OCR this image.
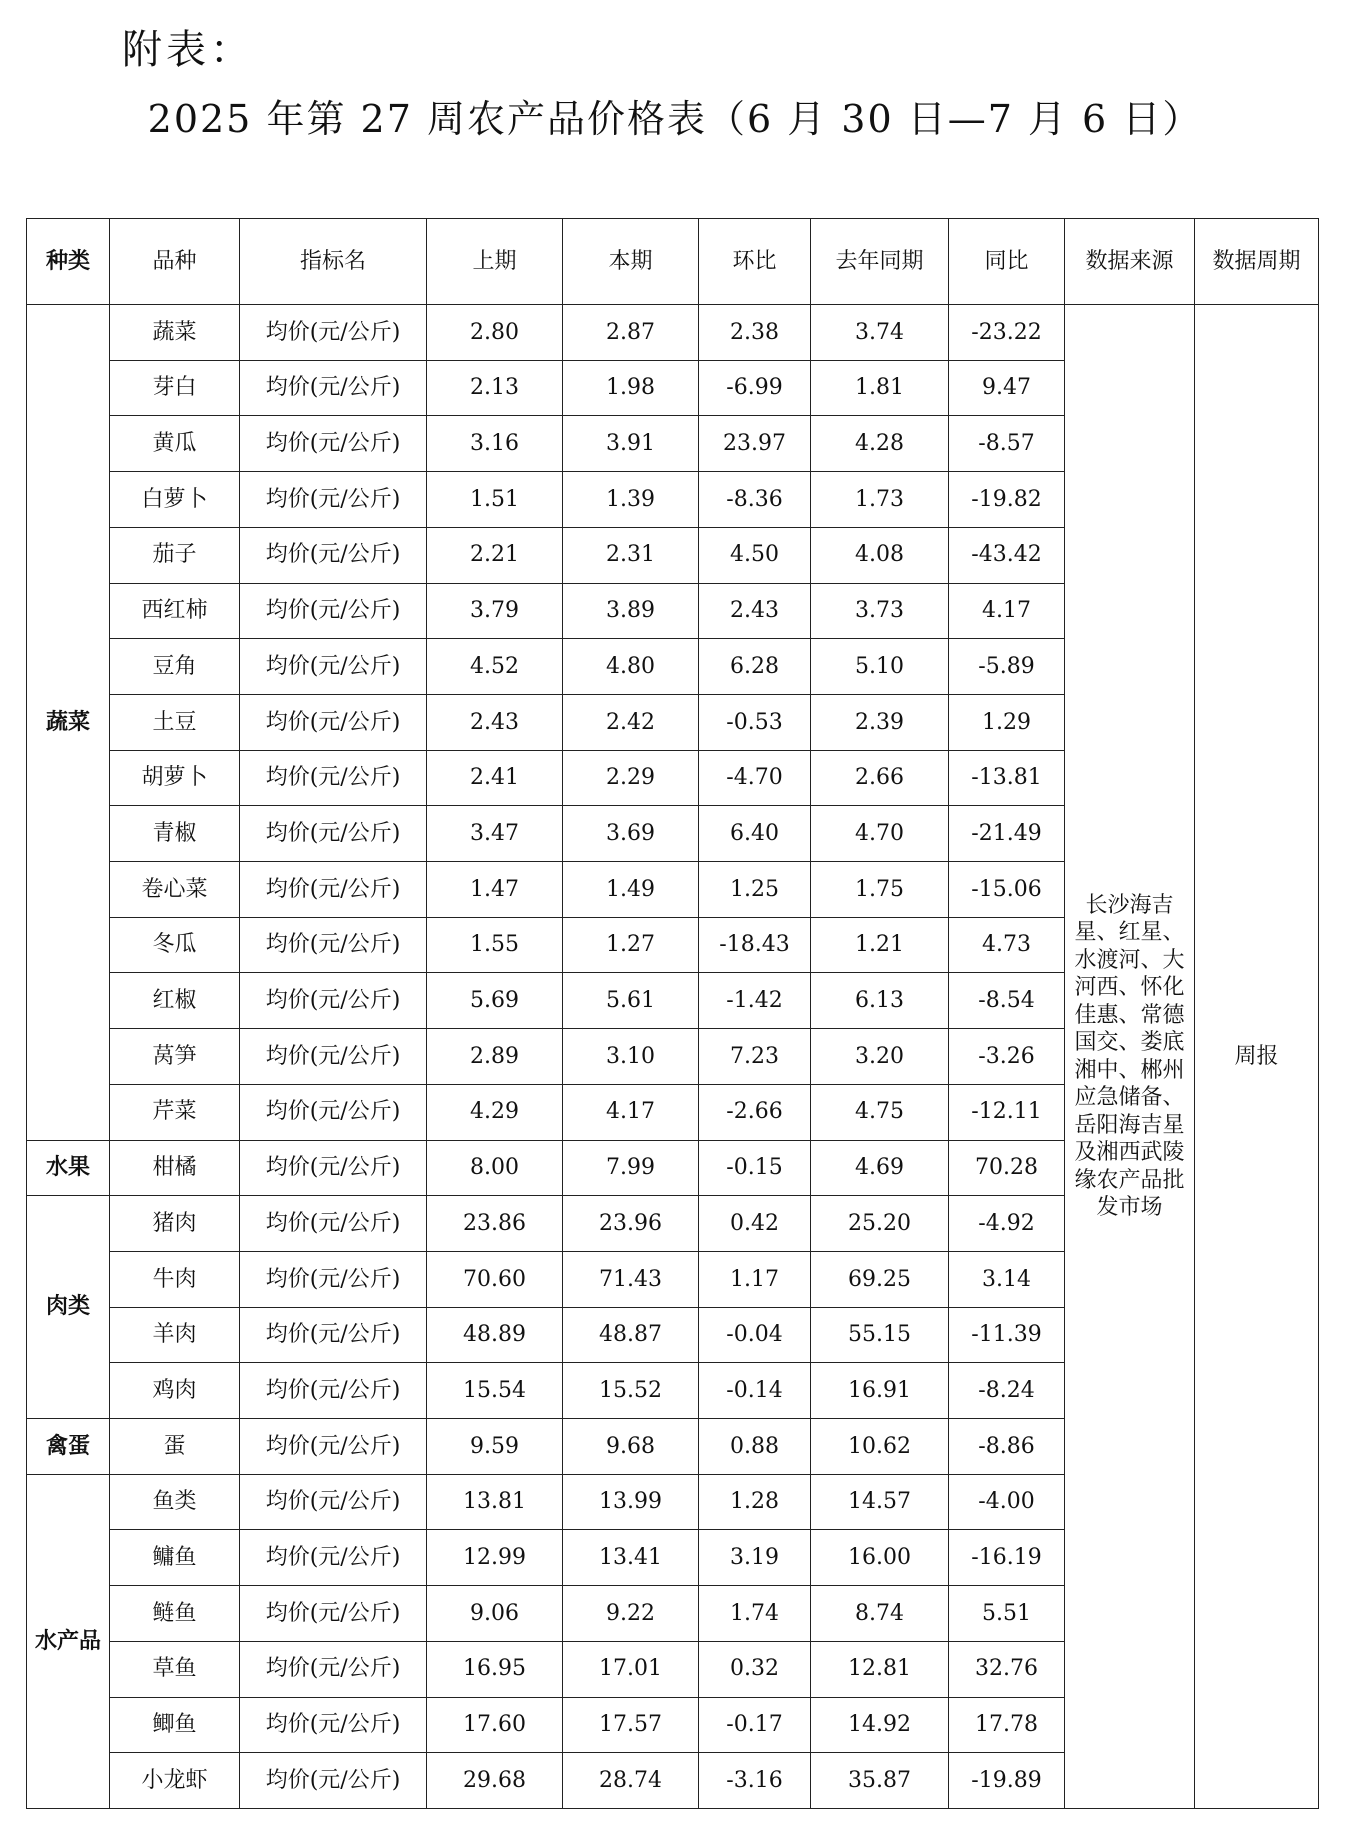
附表：
2025 年第 27 周农产品价格表（6 月 30 日—7 月 6 日）
种类	品种	指标名	上期	本期	环比	去年同期	同比	数据来源	数据周期
蔬菜	蔬菜	均价(元/公斤)	2.80	2.87	2.38	3.74	-23.22	长沙海吉星、红星、水渡河、大河西、怀化佳惠、常德国交、娄底湘中、郴州应急储备、岳阳海吉星及湘西武陵缘农产品批发市场	周报
	芽白	均价(元/公斤)	2.13	1.98	-6.99	1.81	9.47		
	黄瓜	均价(元/公斤)	3.16	3.91	23.97	4.28	-8.57		
	白萝卜	均价(元/公斤)	1.51	1.39	-8.36	1.73	-19.82		
	茄子	均价(元/公斤)	2.21	2.31	4.50	4.08	-43.42		
	西红柿	均价(元/公斤)	3.79	3.89	2.43	3.73	4.17		
	豆角	均价(元/公斤)	4.52	4.80	6.28	5.10	-5.89		
	土豆	均价(元/公斤)	2.43	2.42	-0.53	2.39	1.29		
	胡萝卜	均价(元/公斤)	2.41	2.29	-4.70	2.66	-13.81		
	青椒	均价(元/公斤)	3.47	3.69	6.40	4.70	-21.49		
	卷心菜	均价(元/公斤)	1.47	1.49	1.25	1.75	-15.06		
	冬瓜	均价(元/公斤)	1.55	1.27	-18.43	1.21	4.73		
	红椒	均价(元/公斤)	5.69	5.61	-1.42	6.13	-8.54		
	莴笋	均价(元/公斤)	2.89	3.10	7.23	3.20	-3.26		
	芹菜	均价(元/公斤)	4.29	4.17	-2.66	4.75	-12.11		
水果	柑橘	均价(元/公斤)	8.00	7.99	-0.15	4.69	70.28		
肉类	猪肉	均价(元/公斤)	23.86	23.96	0.42	25.20	-4.92		
	牛肉	均价(元/公斤)	70.60	71.43	1.17	69.25	3.14		
	羊肉	均价(元/公斤)	48.89	48.87	-0.04	55.15	-11.39		
	鸡肉	均价(元/公斤)	15.54	15.52	-0.14	16.91	-8.24		
禽蛋	蛋	均价(元/公斤)	9.59	9.68	0.88	10.62	-8.86		
水产品	鱼类	均价(元/公斤)	13.81	13.99	1.28	14.57	-4.00		
	鳙鱼	均价(元/公斤)	12.99	13.41	3.19	16.00	-16.19		
	鲢鱼	均价(元/公斤)	9.06	9.22	1.74	8.74	5.51		
	草鱼	均价(元/公斤)	16.95	17.01	0.32	12.81	32.76		
	鲫鱼	均价(元/公斤)	17.60	17.57	-0.17	14.92	17.78		
	小龙虾	均价(元/公斤)	29.68	28.74	-3.16	35.87	-19.89		
